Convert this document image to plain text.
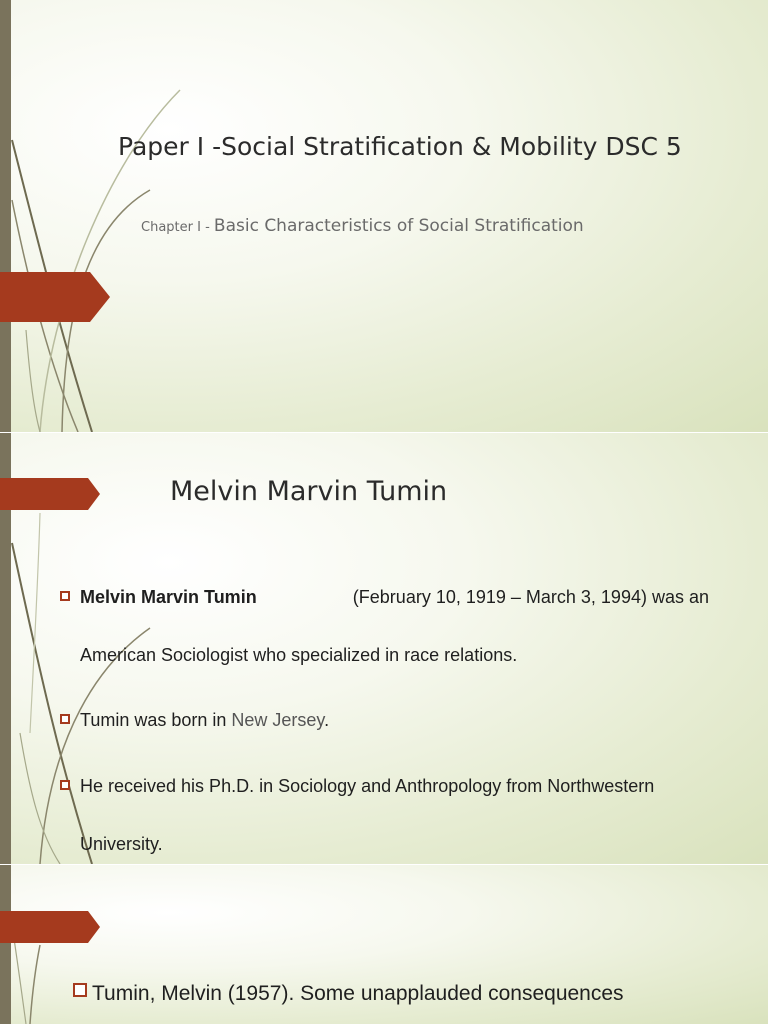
Paper I -Social Stratification & Mobility DSC 5
Chapter I - Basic Characteristics of Social Stratification
Melvin Marvin Tumin
Melvin Marvin Tumin	(February 10, 1919 – March 3, 1994) was an
American Sociologist who specialized in race relations.
Tumin was born in New Jersey.
He received his Ph.D. in Sociology and Anthropology from Northwestern
University.
Tumin, Melvin (1957). Some unapplauded consequences
